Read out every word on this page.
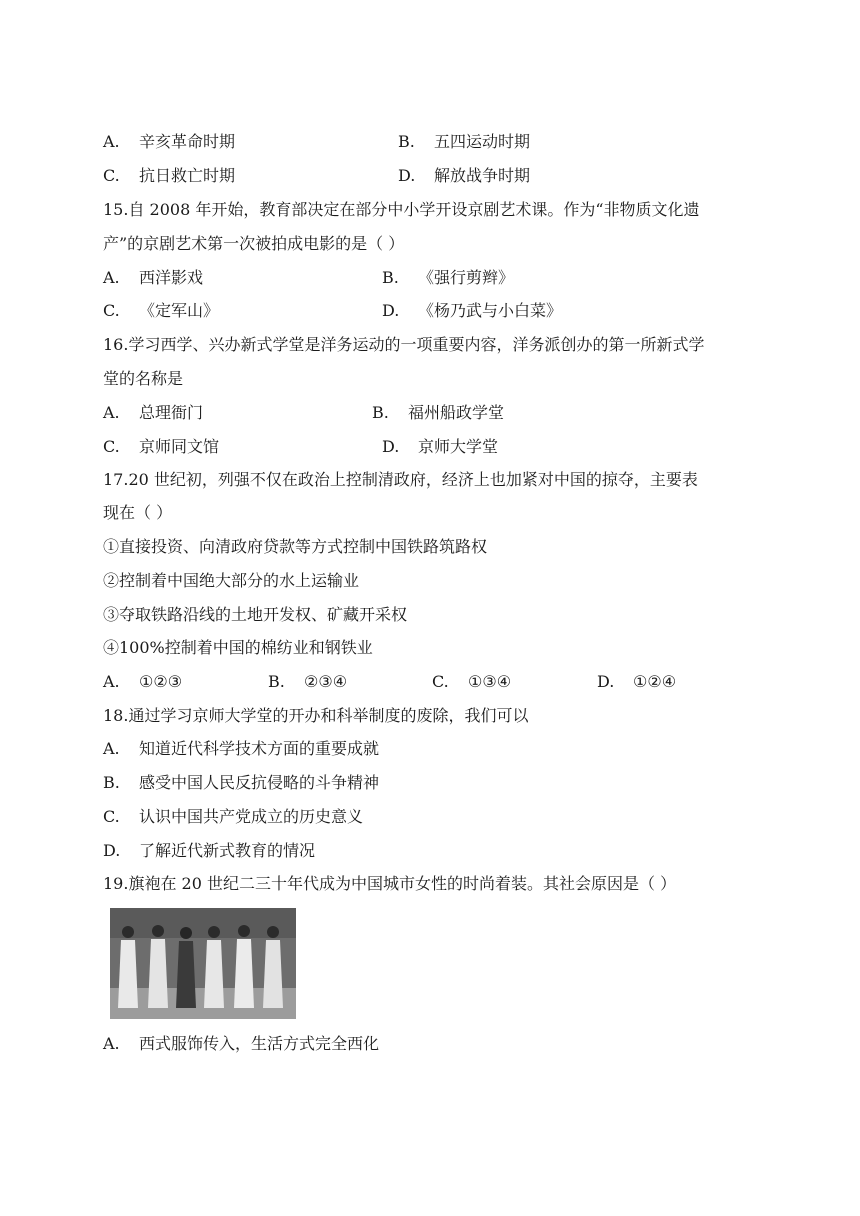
A. 辛亥革命时期	B. 五四运动时期
C. 抗日救亡时期	D. 解放战争时期
15.自 2008 年开始，教育部决定在部分中小学开设京剧艺术课。作为“非物质文化遗
产”的京剧艺术第一次被拍成电影的是（ ）
A. 西洋影戏	B. 《强行剪辫》
C. 《定军山》	D. 《杨乃武与小白菜》
16.学习西学、兴办新式学堂是洋务运动的一项重要内容，洋务派创办的第一所新式学
堂的名称是
A. 总理衙门	B. 福州船政学堂
C. 京师同文馆	D. 京师大学堂
17.20 世纪初，列强不仅在政治上控制清政府，经济上也加紧对中国的掠夺，主要表
现在（ ）
①直接投资、向清政府贷款等方式控制中国铁路筑路权
②控制着中国绝大部分的水上运输业
③夺取铁路沿线的土地开发权、矿藏开采权
④100%控制着中国的棉纺业和钢铁业
A. ①②③	B. ②③④	C. ①③④	D. ①②④
18.通过学习京师大学堂的开办和科举制度的废除，我们可以
A. 知道近代科学技术方面的重要成就
B. 感受中国人民反抗侵略的斗争精神
C. 认识中国共产党成立的历史意义
D. 了解近代新式教育的情况
19.旗袍在 20 世纪二三十年代成为中国城市女性的时尚着装。其社会原因是（ ）
A. 西式服饰传入，生活方式完全西化
